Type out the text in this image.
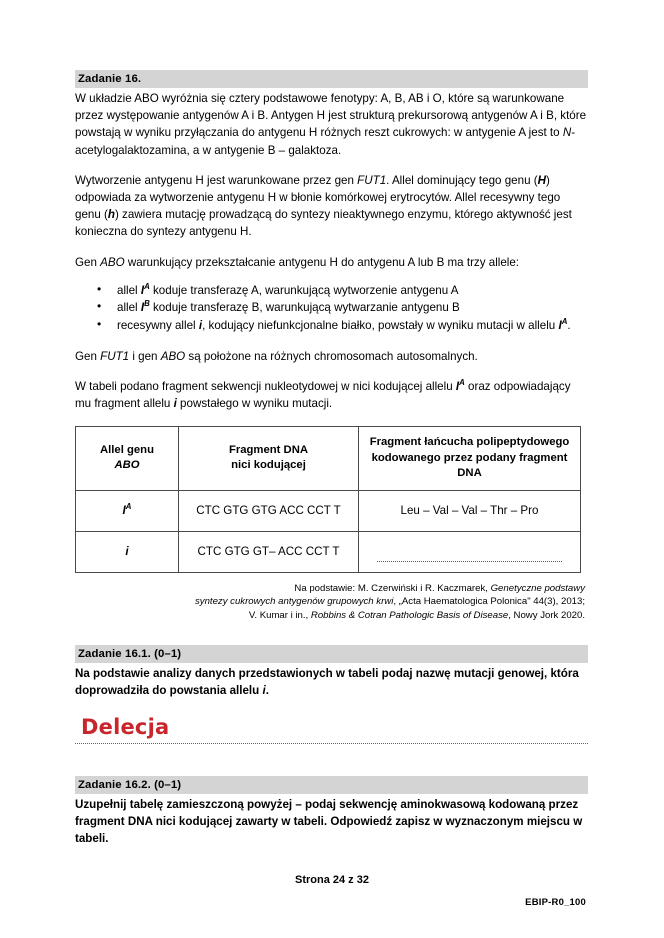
Zadanie 16.

W układzie ABO wyróżnia się cztery podstawowe fenotypy: A, B, AB i O, które są warunkowane przez występowanie antygenów A i B. Antygen H jest strukturą prekursorową antygenów A i B, które powstają w wyniku przyłączania do antygenu H różnych reszt cukrowych: w antygenie A jest to N-acetylogalaktozamina, a w antygenie B – galaktoza.

Wytworzenie antygenu H jest warunkowane przez gen FUT1. Allel dominujący tego genu (H) odpowiada za wytworzenie antygenu H w błonie komórkowej erytrocytów. Allel recesywny tego genu (h) zawiera mutację prowadzącą do syntezy nieaktywnego enzymu, którego aktywność jest konieczna do syntezy antygenu H.

Gen ABO warunkujący przekształcanie antygenu H do antygenu A lub B ma trzy allele:

• allel $I^A$ koduje transferazę A, warunkującą wytworzenie antygenu A
• allel $I^B$ koduje transferazę B, warunkującą wytwarzanie antygenu B
• recesywny allel i, kodujący niefunkcjonalne białko, powstały w wyniku mutacji w allelu $I^A$.

Gen FUT1 i gen ABO są położone na różnych chromosomach autosomalnych.

W tabeli podano fragment sekwencji nukleotydowej w nici kodującej allelu $I^A$ oraz odpowiadający mu fragment allelu i powstałego w wyniku mutacji.

Allel genu
ABO

Fragment DNA
nici kodującej

Fragment łańcucha polipeptydowego
kodowanego przez podany fragment
DNA

$I^A$	CTC GTG GTG ACC CCT T	Leu – Val – Val – Thr – Pro
i	CTC GTG GT– ACC CCT T	
Na podstawie: M. Czerwiński i R. Kaczmarek, Genetyczne podstawy
syntezy cukrowych antygenów grupowych krwi, „Acta Haematologica Polonica" 44(3), 2013;
V. Kumar i in., Robbins & Cotran Pathologic Basis of Disease, Nowy Jork 2020.
Zadanie 16.1. (0–1)

Na podstawie analizy danych przedstawionych w tabeli podaj nazwę mutacji genowej, która doprowadziła do powstania allelu i.

Delecja
Zadanie 16.2. (0–1)

Uzupełnij tabelę zamieszczoną powyżej – podaj sekwencję aminokwasową kodowaną przez fragment DNA nici kodującej zawarty w tabeli. Odpowiedź zapisz w wyznaczonym miejscu w tabeli.

Strona 24 z 32
EBIP-R0_100
